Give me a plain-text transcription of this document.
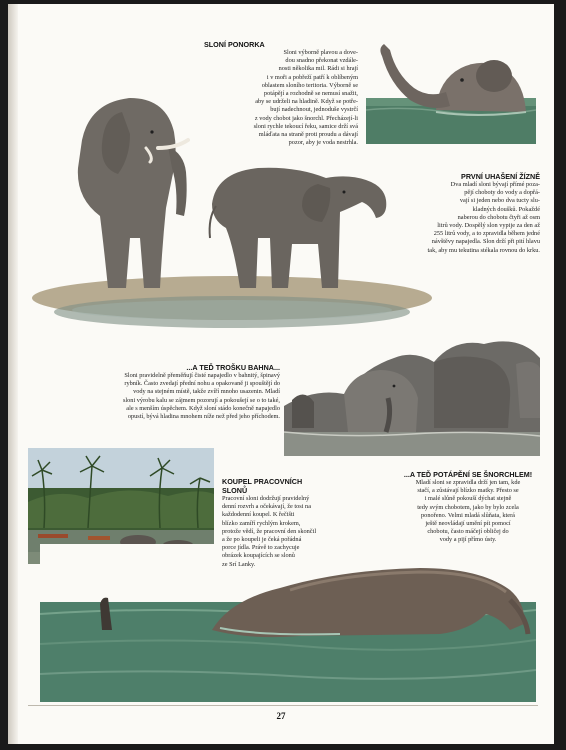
SLONÍ PONORKA

Sloni výborně plavou a dove-

dou snadno překonat vzdále-

nosti několika mil. Rádi si hrají

i v moři a pobřeží patří k oblíbeným

oblastem sloního teritoria. Výborně se

potápějí a rozhodně se nemusí snažit,

aby se udrželi na hladině. Když se potře-

bují nadechnout, jednoduše vystrčí

z vody chobot jako šnorchl. Přecházejí-li

sloni rychle tekoucí řeku, samice drží svá

mláďata na straně proti proudu a dávají

pozor, aby je voda nestrhla.

PRVNÍ UHAŠENÍ ŽÍZNĚ

Dva mladí sloni bývají přímé poza-

pějí choboty do vody a dopřá-

vají si jeden nebo dva tucty slu-

kladných doušků. Pokaždé

naberou do chobotu čtyři až osm

litrů vody. Dospělý slon vypije za den až

255 litrů vody, a to zpravidla během jedné

návštěvy napajedla. Slon drží při pití hlavu

tak, aby mu tekutina stékala rovnou do krku.

...A TEĎ TROŠKU BAHNA...

Sloni pravidelně přeměňují čisté napajedlo v bahnitý, špinavý

rybník. Často zvedají přední nohu a opakovaně ji spouštějí do

vody na stejném místě, takže zvíří mnoho usazenin. Mladí

sloni výrobu kalu se zájmem pozorují a pokoušejí se o to také,

ale s menším úspěchem. Když sloní stádo konečně napajedlo

opustí, bývá hladina mnohem níže než před jeho příchodem.

KOUPEL PRACOVNÍCH SLONŮ

Pracovní sloni dodržují pravidelný

denní rozvrh a očekávají, že tosi na

každodenní koupel. K řečišti

blízko zamíří rychlým krokem,

protože vědí, že pracovní den skončil

a že po koupeli je čeká pořádná

porce jídla. Právě to zachycuje

obrázek koupajících se slonů

ze Srí Lanky.

...A TEĎ POTÁPĚNÍ SE ŠNORCHLEM!

Mladí sloni se zpravidla drží jen tam, kde

stačí, a zůstávají blízko matky. Přesto se

i malé slůně pokouší dýchat stejně

tedy svým chobotem, jako by bylo zcela

ponořeno. Velmi mladá slůňata, která

ještě neovládají umění pít pomocí

chobotu, často máčejí obličej do

vody a pijí přímo ústy.

27
